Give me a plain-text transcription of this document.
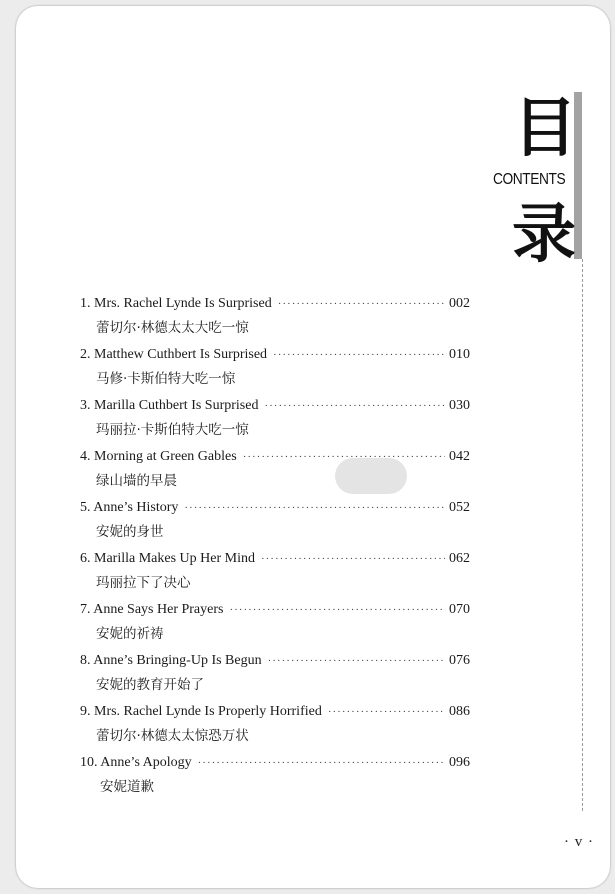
目
CONTENTS
录
1. Mrs. Rachel Lynde Is Surprised ·····	002
蕾切尔·林德太太大吃一惊
2. Matthew Cuthbert Is Surprised ·····	010
马修·卡斯伯特大吃一惊
3. Marilla Cuthbert Is Surprised ·····	030
玛丽拉·卡斯伯特大吃一惊
4. Morning at Green Gables ·····	042
绿山墙的早晨
5. Anne’s History ·····	052
安妮的身世
6. Marilla Makes Up Her Mind ·····	062
玛丽拉下了决心
7. Anne Says Her Prayers ·····	070
安妮的祈祷
8. Anne’s Bringing-Up Is Begun ·····	076
安妮的教育开始了
9. Mrs. Rachel Lynde Is Properly Horrified ·····	086
蕾切尔·林德太太惊恐万状
10. Anne’s Apology ·····	096
安妮道歉
· v ·
